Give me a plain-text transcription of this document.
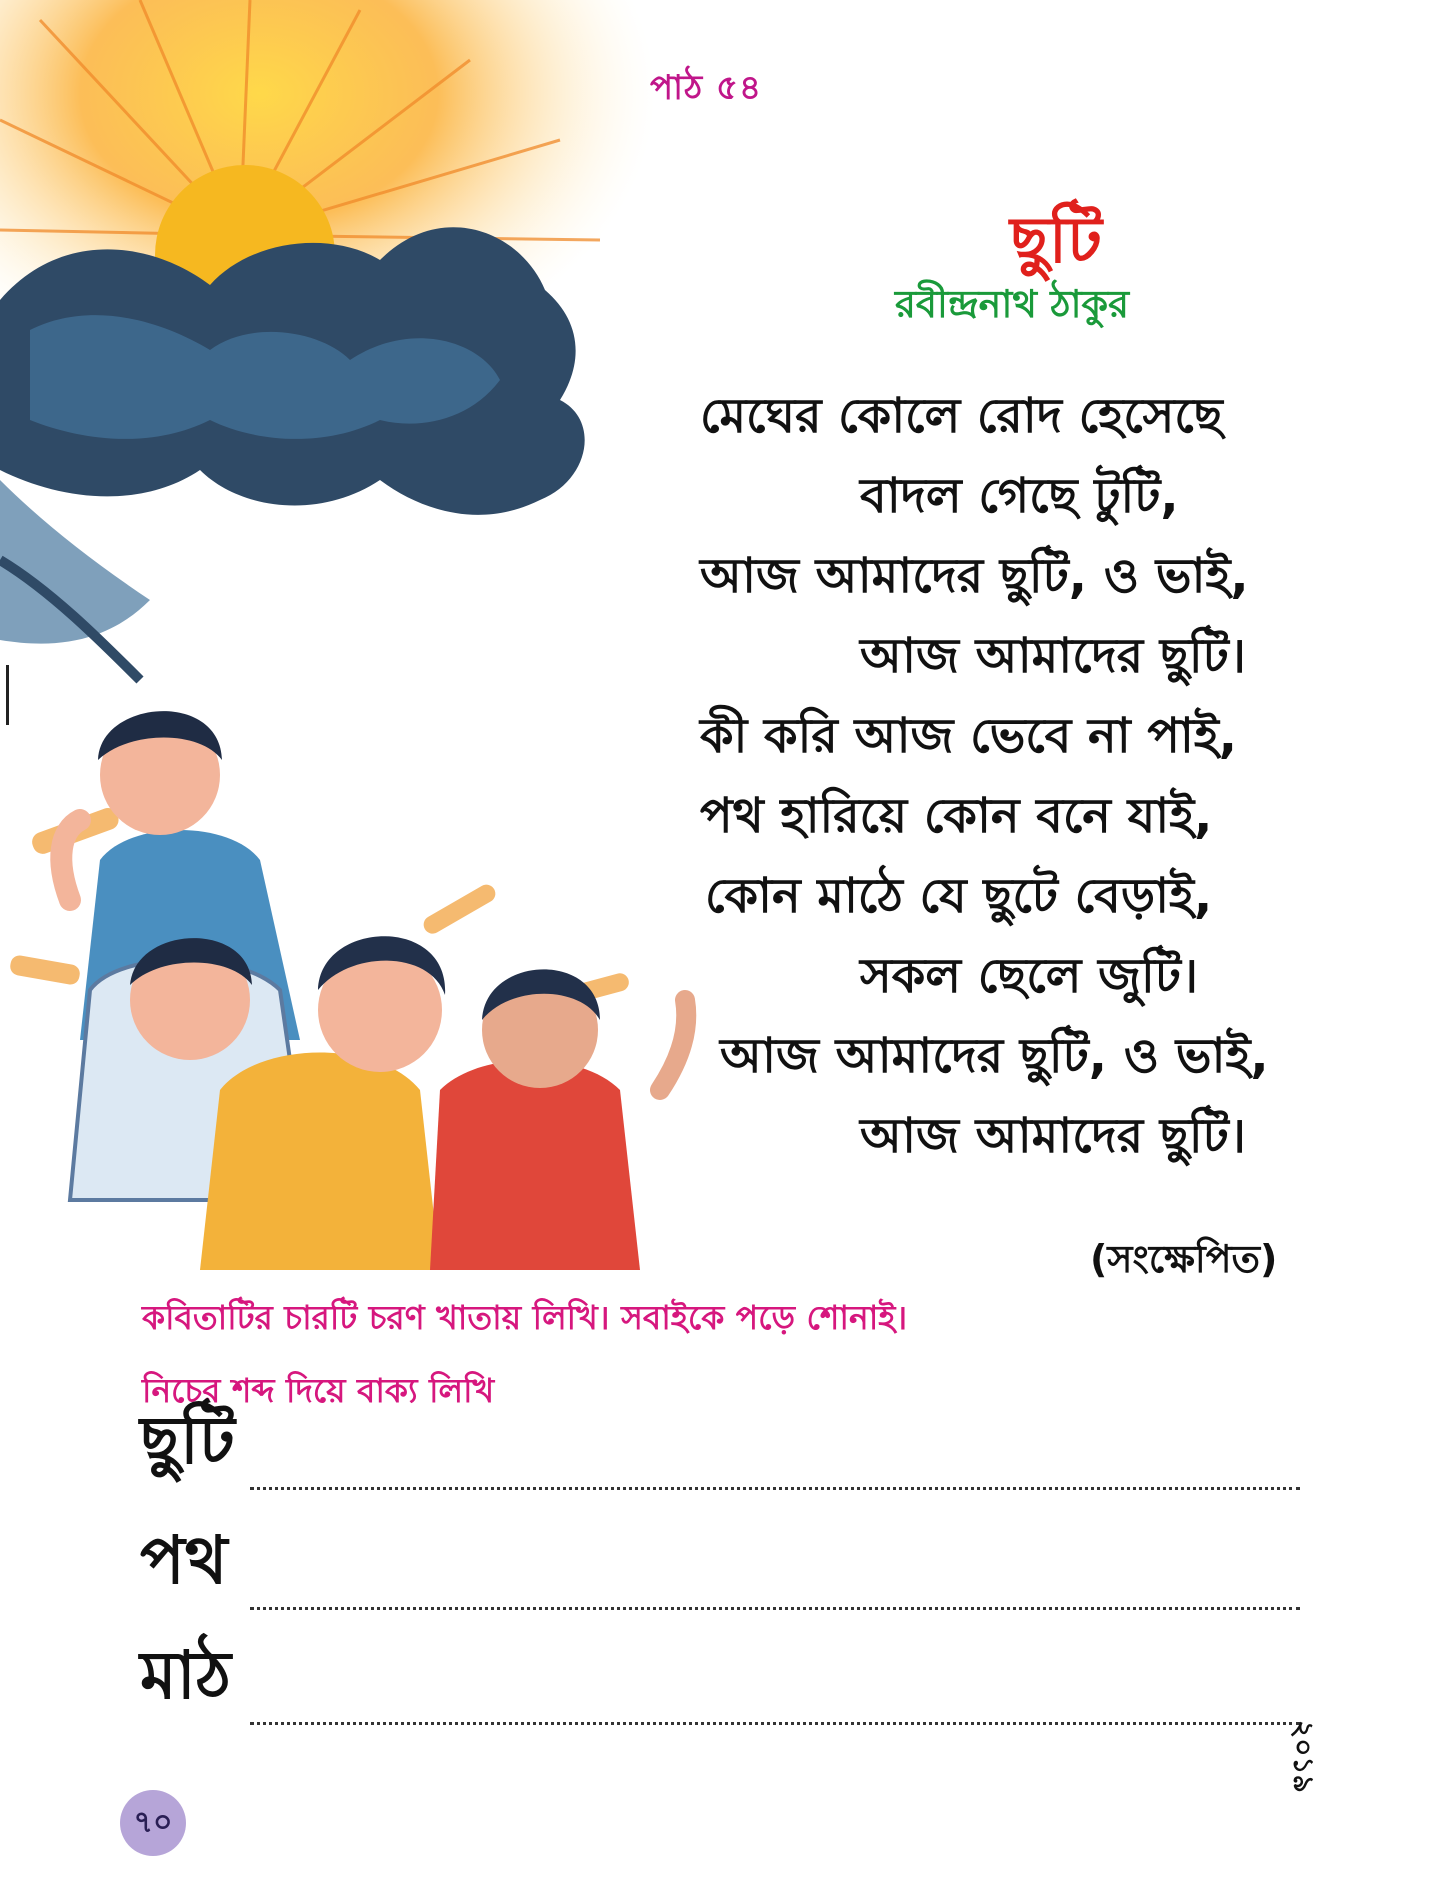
পাঠ ৫৪
ছুটি
রবীন্দ্রনাথ ঠাকুর
মেঘের কোলে রোদ হেসেছে
বাদল গেছে টুটি,
আজ আমাদের ছুটি, ও ভাই,
আজ আমাদের ছুটি।
কী করি আজ ভেবে না পাই,
পথ হারিয়ে কোন বনে যাই,
কোন মাঠে যে ছুটে বেড়াই,
সকল ছেলে জুটি।
আজ আমাদের ছুটি, ও ভাই,
আজ আমাদের ছুটি।
(সংক্ষেপিত)
কবিতাটির চারটি চরণ খাতায় লিখি। সবাইকে পড়ে শোনাই।
নিচের শব্দ দিয়ে বাক্য লিখি
ছুটি
পথ
মাঠ
৭০
২০১৯
